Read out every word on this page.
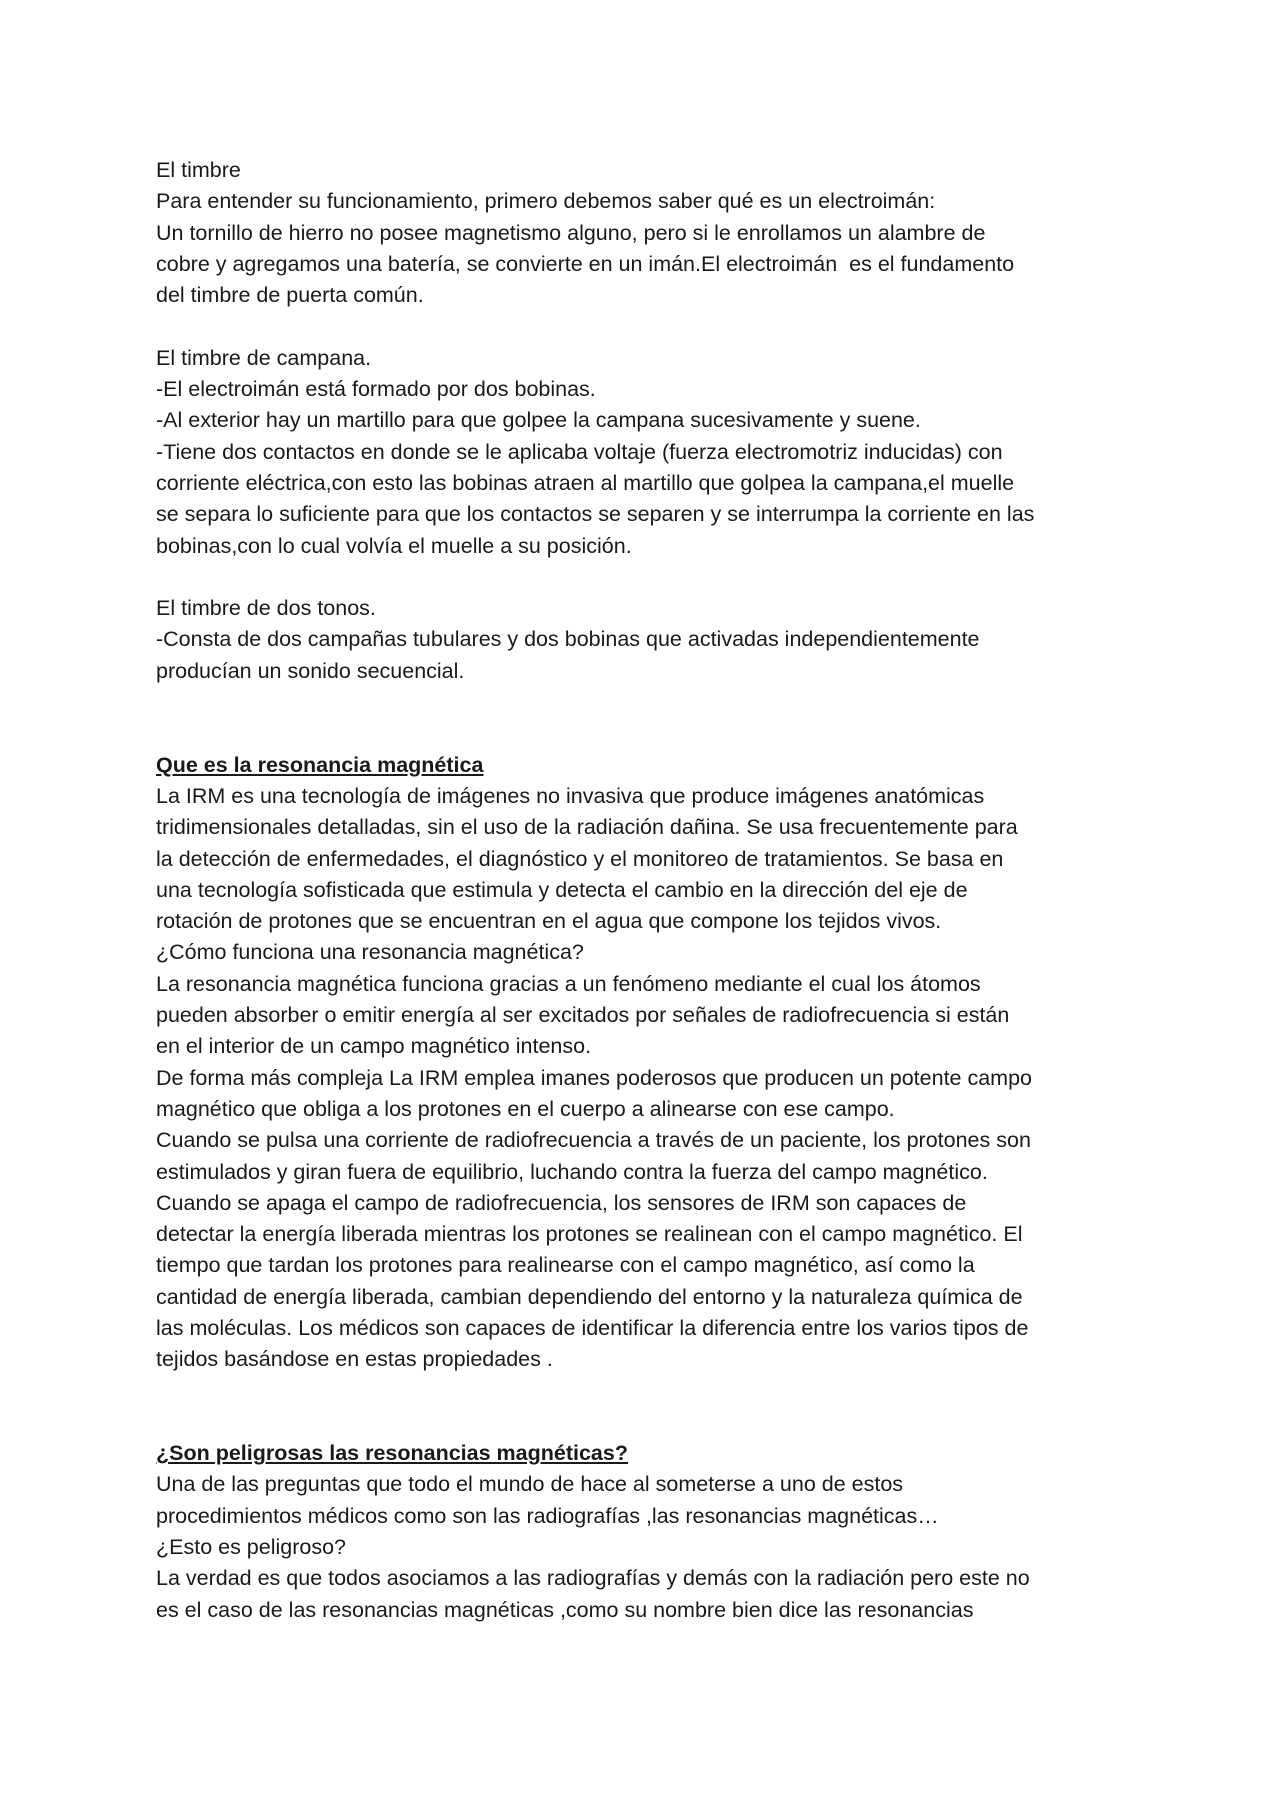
El timbre
Para entender su funcionamiento, primero debemos saber qué es un electroimán:
Un tornillo de hierro no posee magnetismo alguno, pero si le enrollamos un alambre de
cobre y agregamos una batería, se convierte en un imán.El electroimán  es el fundamento
del timbre de puerta común.
El timbre de campana.
-El electroimán está formado por dos bobinas.
-Al exterior hay un martillo para que golpee la campana sucesivamente y suene.
-Tiene dos contactos en donde se le aplicaba voltaje (fuerza electromotriz inducidas) con
corriente eléctrica,con esto las bobinas atraen al martillo que golpea la campana,el muelle
se separa lo suficiente para que los contactos se separen y se interrumpa la corriente en las
bobinas,con lo cual volvía el muelle a su posición.
El timbre de dos tonos.
-Consta de dos campañas tubulares y dos bobinas que activadas independientemente
producían un sonido secuencial.
Que es la resonancia magnética
La IRM es una tecnología de imágenes no invasiva que produce imágenes anatómicas
tridimensionales detalladas, sin el uso de la radiación dañina. Se usa frecuentemente para
la detección de enfermedades, el diagnóstico y el monitoreo de tratamientos. Se basa en
una tecnología sofisticada que estimula y detecta el cambio en la dirección del eje de
rotación de protones que se encuentran en el agua que compone los tejidos vivos.
¿Cómo funciona una resonancia magnética?
La resonancia magnética funciona gracias a un fenómeno mediante el cual los átomos
pueden absorber o emitir energía al ser excitados por señales de radiofrecuencia si están
en el interior de un campo magnético intenso.
De forma más compleja La IRM emplea imanes poderosos que producen un potente campo
magnético que obliga a los protones en el cuerpo a alinearse con ese campo.
Cuando se pulsa una corriente de radiofrecuencia a través de un paciente, los protones son
estimulados y giran fuera de equilibrio, luchando contra la fuerza del campo magnético.
Cuando se apaga el campo de radiofrecuencia, los sensores de IRM son capaces de
detectar la energía liberada mientras los protones se realinean con el campo magnético. El
tiempo que tardan los protones para realinearse con el campo magnético, así como la
cantidad de energía liberada, cambian dependiendo del entorno y la naturaleza química de
las moléculas. Los médicos son capaces de identificar la diferencia entre los varios tipos de
tejidos basándose en estas propiedades .
¿Son peligrosas las resonancias magnéticas?
Una de las preguntas que todo el mundo de hace al someterse a uno de estos
procedimientos médicos como son las radiografías ,las resonancias magnéticas…
¿Esto es peligroso?
La verdad es que todos asociamos a las radiografías y demás con la radiación pero este no
es el caso de las resonancias magnéticas ,como su nombre bien dice las resonancias
